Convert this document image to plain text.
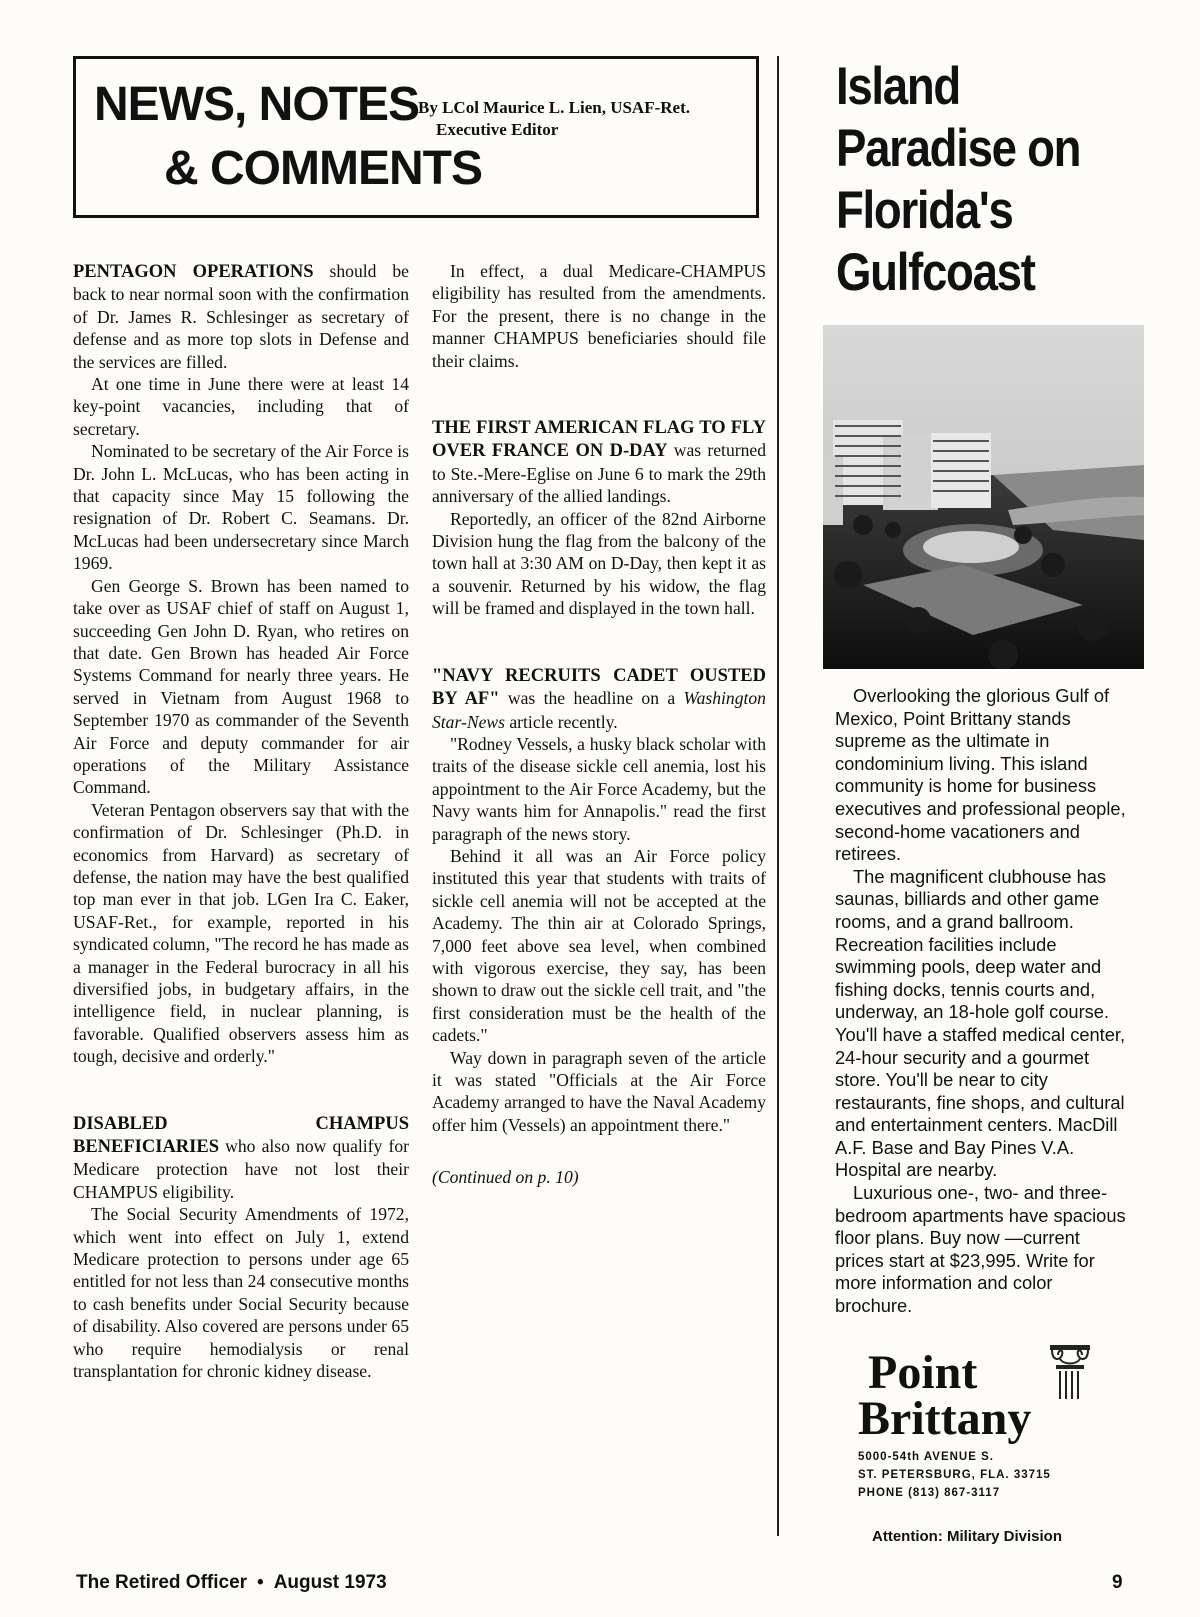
NEWS, NOTES
& COMMENTS
By LCol Maurice L. Lien, USAF-Ret.
Executive Editor

PENTAGON OPERATIONS should be back to near normal soon with the confirmation of Dr. James R. Schlesinger as secretary of defense and as more top slots in Defense and the services are filled.

At one time in June there were at least 14 key-point vacancies, including that of secretary.

Nominated to be secretary of the Air Force is Dr. John L. McLucas, who has been acting in that capacity since May 15 following the resignation of Dr. Robert C. Seamans. Dr. McLucas had been undersecretary since March 1969.

Gen George S. Brown has been named to take over as USAF chief of staff on August 1, succeeding Gen John D. Ryan, who retires on that date. Gen Brown has headed Air Force Systems Command for nearly three years. He served in Vietnam from August 1968 to September 1970 as commander of the Seventh Air Force and deputy commander for air operations of the Military Assistance Command.

Veteran Pentagon observers say that with the confirmation of Dr. Schlesinger (Ph.D. in economics from Harvard) as secretary of defense, the nation may have the best qualified top man ever in that job. LGen Ira C. Eaker, USAF-Ret., for example, reported in his syndicated column, "The record he has made as a manager in the Federal burocracy in all his diversified jobs, in budgetary affairs, in the intelligence field, in nuclear planning, is favorable. Qualified observers assess him as tough, decisive and orderly."

DISABLED CHAMPUS BENEFICIARIES who also now qualify for Medicare protection have not lost their CHAMPUS eligibility.

The Social Security Amendments of 1972, which went into effect on July 1, extend Medicare protection to persons under age 65 entitled for not less than 24 consecutive months to cash benefits under Social Security because of disability. Also covered are persons under 65 who require hemodialysis or renal transplantation for chronic kidney disease.

In effect, a dual Medicare-CHAMPUS eligibility has resulted from the amendments. For the present, there is no change in the manner CHAMPUS beneficiaries should file their claims.

THE FIRST AMERICAN FLAG TO FLY OVER FRANCE ON D-DAY was returned to Ste.-Mere-Eglise on June 6 to mark the 29th anniversary of the allied landings.

Reportedly, an officer of the 82nd Airborne Division hung the flag from the balcony of the town hall at 3:30 AM on D-Day, then kept it as a souvenir. Returned by his widow, the flag will be framed and displayed in the town hall.

"NAVY RECRUITS CADET OUSTED BY AF" was the headline on a Washington Star-News article recently.

"Rodney Vessels, a husky black scholar with traits of the disease sickle cell anemia, lost his appointment to the Air Force Academy, but the Navy wants him for Annapolis." read the first paragraph of the news story.

Behind it all was an Air Force policy instituted this year that students with traits of sickle cell anemia will not be accepted at the Academy. The thin air at Colorado Springs, 7,000 feet above sea level, when combined with vigorous exercise, they say, has been shown to draw out the sickle cell trait, and "the first consideration must be the health of the cadets."

Way down in paragraph seven of the article it was stated "Officials at the Air Force Academy arranged to have the Naval Academy offer him (Vessels) an appointment there."

(Continued on p. 10)

Island Paradise on Florida's Gulfcoast

Overlooking the glorious Gulf of Mexico, Point Brittany stands supreme as the ultimate in condominium living. This island community is home for business executives and professional people, second-home vacationers and retirees.

The magnificent clubhouse has saunas, billiards and other game rooms, and a grand ballroom. Recreation facilities include swimming pools, deep water and fishing docks, tennis courts and, underway, an 18-hole golf course. You'll have a staffed medical center, 24-hour security and a gourmet store. You'll be near to city restaurants, fine shops, and cultural and entertainment centers. MacDill A.F. Base and Bay Pines V.A. Hospital are nearby.

Luxurious one-, two- and three-bedroom apartments have spacious floor plans. Buy now —current prices start at $23,995. Write for more information and color brochure.

Point
Brittany
5000-54th AVENUE S.
ST. PETERSBURG, FLA. 33715
PHONE (813) 867-3117
Attention: Military Division
The Retired Officer • August 1973	9
